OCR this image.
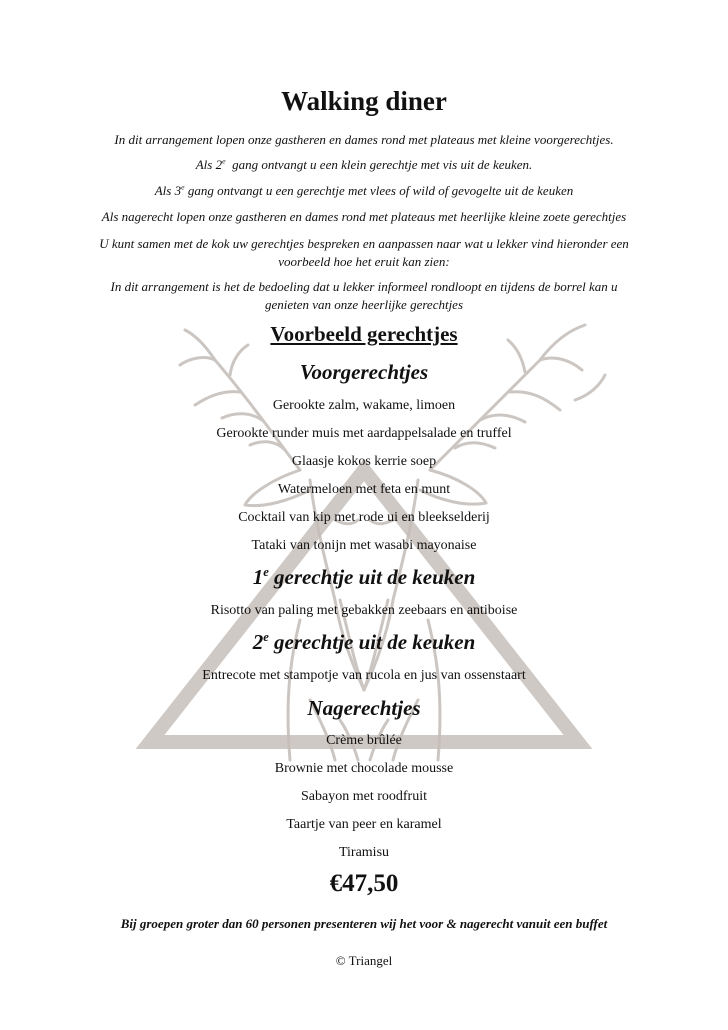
Walking diner

In dit arrangement lopen onze gastheren en dames rond met plateaus met kleine voorgerechtjes.

Als 2e gang ontvangt u een klein gerechtje met vis uit de keuken.

Als 3e gang ontvangt u een gerechtje met vlees of wild of gevogelte uit de keuken

Als nagerecht lopen onze gastheren en dames rond met plateaus met heerlijke kleine zoete gerechtjes

U kunt samen met de kok uw gerechtjes bespreken en aanpassen naar wat u lekker vind hieronder een voorbeeld hoe het eruit kan zien:

In dit arrangement is het de bedoeling dat u lekker informeel rondloopt en tijdens de borrel kan u genieten van onze heerlijke gerechtjes

Voorbeeld gerechtjes
Voorgerechtjes

Gerookte zalm, wakame, limoen

Gerookte runder muis met aardappelsalade en truffel

Glaasje kokos kerrie soep

Watermeloen met feta en munt

Cocktail van kip met rode ui en bleekselderij

Tataki van tonijn met wasabi mayonaise

1e gerechtje uit de keuken

Risotto van paling met gebakken zeebaars en antiboise

2e gerechtje uit de keuken

Entrecote met stampotje van rucola en jus van ossenstaart

Nagerechtjes

Crème brûlée

Brownie met chocolade mousse

Sabayon met roodfruit

Taartje van peer en karamel

Tiramisu

€47,50

Bij groepen groter dan 60 personen presenteren wij het voor & nagerecht vanuit een buffet

© Triangel
